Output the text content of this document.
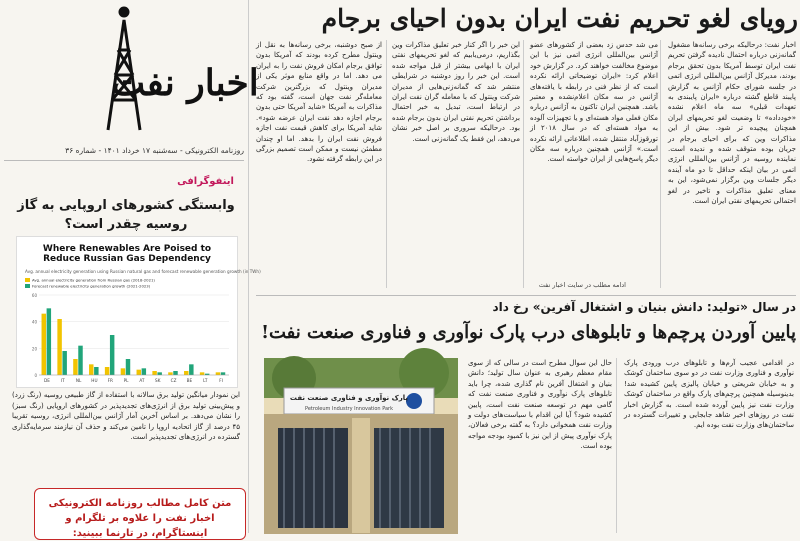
اخبار نفت
روزنامه الکترونیکی - سه‌شنبه ۱۷ خرداد ۱۴۰۱ - شماره ۳۶
اینفوگرافی
وابستگی کشورهای اروپایی به گاز روسیه چقدر است؟
Where Renewables Are Poised to Reduce Russian Gas Dependency
Avg. annual electricity generation using Russian natural gas and forecast renewable generation growth (in TWh)
Avg. annual electricity generation from Russian gas (2018-2021)
Forecast renewable electricity generation growth (2021-2023)
0
20
40
60
DE	IT	NL HU FR	PL	AT	SK CZ BE	LT	FI
این نمودار میانگین تولید برق سالانه با استفاده از گاز طبیعی روسیه (رنگ زرد) و پیش‌بینی تولید برق از انرژی‌های تجدیدپذیر در کشورهای اروپایی (رنگ سبز) را نشان می‌دهد. بر اساس آخرین آمار آژانس بین‌المللی انرژی، روسیه تقریبا ۴۵ درصد از گاز اتحادیه اروپا را تامین می‌کند و حذف آن نیازمند سرمایه‌گذاری گسترده در انرژی‌های تجدیدپذیر است.
متن کامل مطالب روزنامه الکترونیکی اخبار نفت را علاوه بر تلگرام و اینستاگرام، در تارنما ببینید:
رویای لغو تحریم نفت ایران بدون احیای برجام
اخبار نفت: درحالیکه برخی رسانه‌ها مشغول گمانه‌زنی درباره احتمال نادیده گرفتن تحریم نفت ایران توسط آمریکا بدون تحقق برجام بودند، مدیرکل آژانس بین‌المللی انرژی اتمی در جلسه شورای حکام آژانس به گزارش پایبند قاطع گشته درباره «ایران پایبندی به تعهدات قبلی» سه ماه اعلام نشده «خودداده» تا وضعیت لغو تحریمهای ایران همچنان پیچیده تر شود. بیش از این مذاکرات وین که برای احیای برجام در جریان بوده متوقف شده و ندیده است. نماینده روسیه در آژانس بین‌المللی انرژی اتمی در بیان اینکه حداقل تا دو ماه آینده دیگر جلسات وین برگزار نمی‌شود، این به معنای تعلیق مذاکرات و تاخیر در لغو احتمالی تحریمهای نفتی ایران است.
می شد حدس زد بعضی از کشورهای عضو آژانس بین‌المللی انرژی اتمی نیز با این موضوع مخالفت خواهند کرد. در گزارش خود اعلام کرد: «ایران توضیحاتی ارائه نکرده است که از نظر فنی در رابطه با یافته‌های آژانس در سه مکان اعلام‌نشده و معتبر باشد. همچنین ایران تاکنون به آژانس درباره مکان فعلی مواد هسته‌ای و یا تجهیزات آلوده به مواد هسته‌ای که در سال ۲۰۱۸ از تورقوزآباد منتقل شده، اطلاعاتی ارائه نکرده است.» آژانس همچنین درباره سه مکان دیگر پاسخ‌هایی از ایران خواسته است.
این خبر را اگر کنار خبر تعلیق مذاکرات وین بگذاریم، درمی‌یابیم که لغو تحریمهای نفتی ایران با ابهامی بیشتر از قبل مواجه شده است. این خبر را روز دوشنبه در شرایطی منتشر شد که گمانه‌زنی‌هایی از مدیران شرکت وینتول که با معامله گران نفت ایران در ارتباط است، تبدیل به خبر احتمال برداشتن تحریم نفتی ایران بدون برجام شده بود. درحالیکه سروری بر اصل خبر نشان می‌دهد، این فقط یک گمانه‌زنی است.
از صبح دوشنبه، برخی رسانه‌ها به نقل از وینتول مطرح کرده بودند که آمریکا بدون توافق برجام امکان فروش نفت را به ایران می دهد. اما در واقع منابع موثر یکی از مدیران وینتول که بزرگترین شرکت معامله‌گر نفت جهان است، گفته بود که مذاکرات به آمریکا «شاید آمریکا حتی بدون برجام اجازه دهد نفت ایران عرضه شود». شاید آمریکا برای کاهش قیمت نفت اجازه فروش نفت ایران را بدهد. اما او چندان مطمئن نیست و ممکن است تصمیم بزرگی در این رابطه گرفته نشود.
ادامه مطلب در سایت اخبار نفت
در سال «تولید: دانش بنیان و اشتغال آفرین» رخ داد
پایین آوردن پرچم‌ها و تابلوهای درب پارک نوآوری و فناوری صنعت نفت!
پارک نوآوری و فناوری صنعت نفت
Petroleum Industry Innovation Park
در اقدامی عجیب آرم‌ها و تابلوهای درب ورودی پارک نوآوری و فناوری وزارت نفت در دو سوی ساختمان کوشک و به خیابان شریعتی و خیابان پالیزی پایین کشیده شد! بدینوسیله همچنین پرچم‌های پارک واقع در ساختمان کوشک وزارت نفت نیز پایین آورده شده است. به گزارش اخبار نفت در روزهای اخیر شاهد جابجایی و تغییرات گسترده در ساختمان‌های وزارت نفت بوده ایم.
حال این سوال مطرح است در سالی که از سوی مقام معظم رهبری به عنوان سال تولید؛ دانش بنیان و اشتغال آفرین نام گذاری شده، چرا باید تابلوهای پارک نوآوری و فناوری صنعت نفت که گامی مهم در توسعه صنعت نفت است، پایین کشیده شود؟ آیا این اقدام با سیاست‌های دولت و وزارت نفت همخوانی دارد؟ به گفته برخی فعالان، پارک نوآوری پیش از این نیز با کمبود بودجه مواجه بوده است.
